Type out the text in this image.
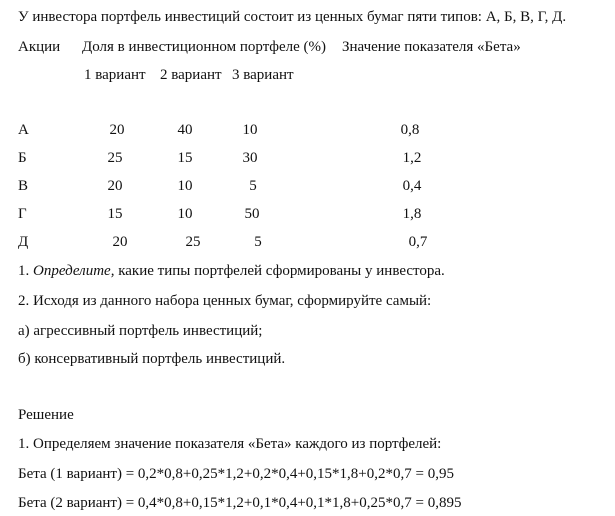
У инвестора портфель инвестиций состоит из ценных бумаг пяти типов: А, Б, В, Г, Д.
Акции Доля в инвестиционном портфеле (%) Значение показателя «Бета»
1 вариант 2 вариант 3 вариант
А	20	40	10	0,8
Б	25	15	30	1,2
В	20	10	5	0,4
Г	15	10	50	1,8
Д	20	25	5	0,7
1. Определите, какие типы портфелей сформированы у инвестора.
2. Исходя из данного набора ценных бумаг, сформируйте самый:
а) агрессивный портфель инвестиций;
б) консервативный портфель инвестиций.
Решение
1. Определяем значение показателя «Бета» каждого из портфелей:
Бета (1 вариант) = 0,2*0,8+0,25*1,2+0,2*0,4+0,15*1,8+0,2*0,7 = 0,95
Бета (2 вариант) = 0,4*0,8+0,15*1,2+0,1*0,4+0,1*1,8+0,25*0,7 = 0,895
